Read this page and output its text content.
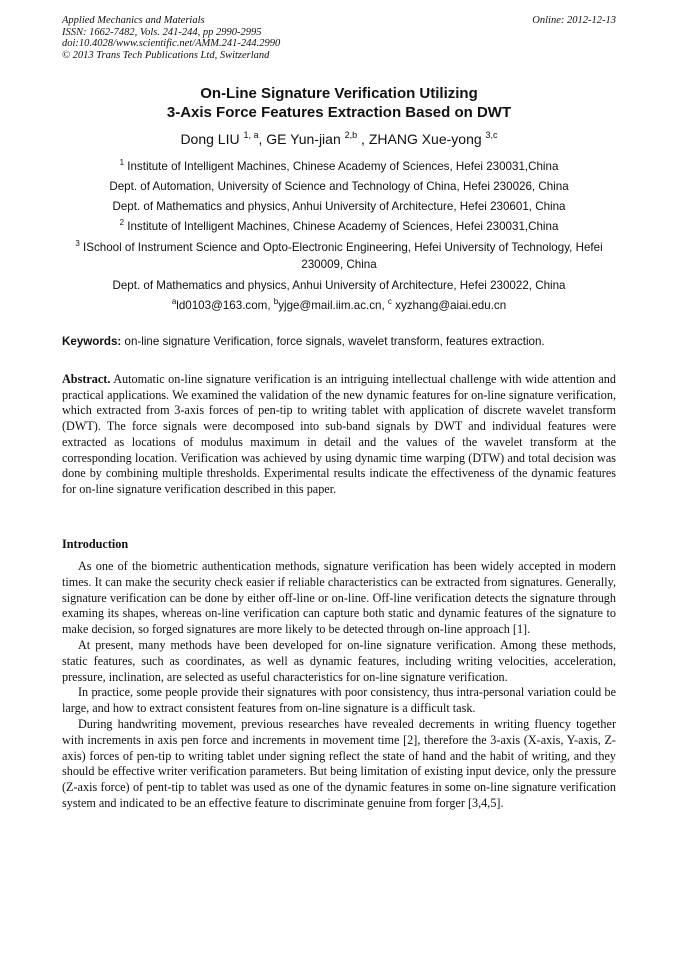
Applied Mechanics and Materials
ISSN: 1662-7482, Vols. 241-244, pp 2990-2995
doi:10.4028/www.scientific.net/AMM.241-244.2990
© 2013 Trans Tech Publications Ltd, Switzerland
Online: 2012-12-13
On-Line Signature Verification Utilizing
3-Axis Force Features Extraction Based on DWT
Dong LIU $^{1, a}$, GE Yun-jian $^{2,b}$ , ZHANG Xue-yong $^{3,c}$
$^1$ Institute of Intelligent Machines, Chinese Academy of Sciences, Hefei 230031,China
Dept. of Automation, University of Science and Technology of China, Hefei 230026, China
Dept. of Mathematics and physics, Anhui University of Architecture, Hefei 230601, China
$^2$ Institute of Intelligent Machines, Chinese Academy of Sciences, Hefei 230031,China
$^3$ ISchool of Instrument Science and Opto-Electronic Engineering, Hefei University of Technology, Hefei 230009, China
Dept. of Mathematics and physics, Anhui University of Architecture, Hefei 230022, China
$^a$ld0103@163.com, $^b$yjge@mail.iim.ac.cn, $^c$ xyzhang@aiai.edu.cn
Keywords: on-line signature Verification, force signals, wavelet transform, features extraction.
Abstract. Automatic on-line signature verification is an intriguing intellectual challenge with wide attention and practical applications. We examined the validation of the new dynamic features for on-line signature verification, which extracted from 3-axis forces of pen-tip to writing tablet with application of discrete wavelet transform (DWT). The force signals were decomposed into sub-band signals by DWT and individual features were extracted as locations of modulus maximum in detail and the values of the wavelet transform at the corresponding location. Verification was achieved by using dynamic time warping (DTW) and total decision was done by combining multiple thresholds. Experimental results indicate the effectiveness of the dynamic features for on-line signature verification described in this paper.
Introduction

As one of the biometric authentication methods, signature verification has been widely accepted in modern times. It can make the security check easier if reliable characteristics can be extracted from signatures. Generally, signature verification can be done by either off-line or on-line. Off-line verification detects the signature through examing its shapes, whereas on-line verification can capture both static and dynamic features of the signature to make decision, so forged signatures are more likely to be detected through on-line approach [1].

At present, many methods have been developed for on-line signature verification. Among these methods, static features, such as coordinates, as well as dynamic features, including writing velocities, acceleration, pressure, inclination, are selected as useful characteristics for on-line signature verification.

In practice, some people provide their signatures with poor consistency, thus intra-personal variation could be large, and how to extract consistent features from on-line signature is a difficult task.

During handwriting movement, previous researches have revealed decrements in writing fluency together with increments in axis pen force and increments in movement time [2], therefore the 3-axis (X-axis, Y-axis, Z-axis) forces of pen-tip to writing tablet under signing reflect the state of hand and the habit of writing, and they should be effective writer verification parameters. But being limitation of existing input device, only the pressure (Z-axis force) of pent-tip to tablet was used as one of the dynamic features in some on-line signature verification system and indicated to be an effective feature to discriminate genuine from forger [3,4,5].
